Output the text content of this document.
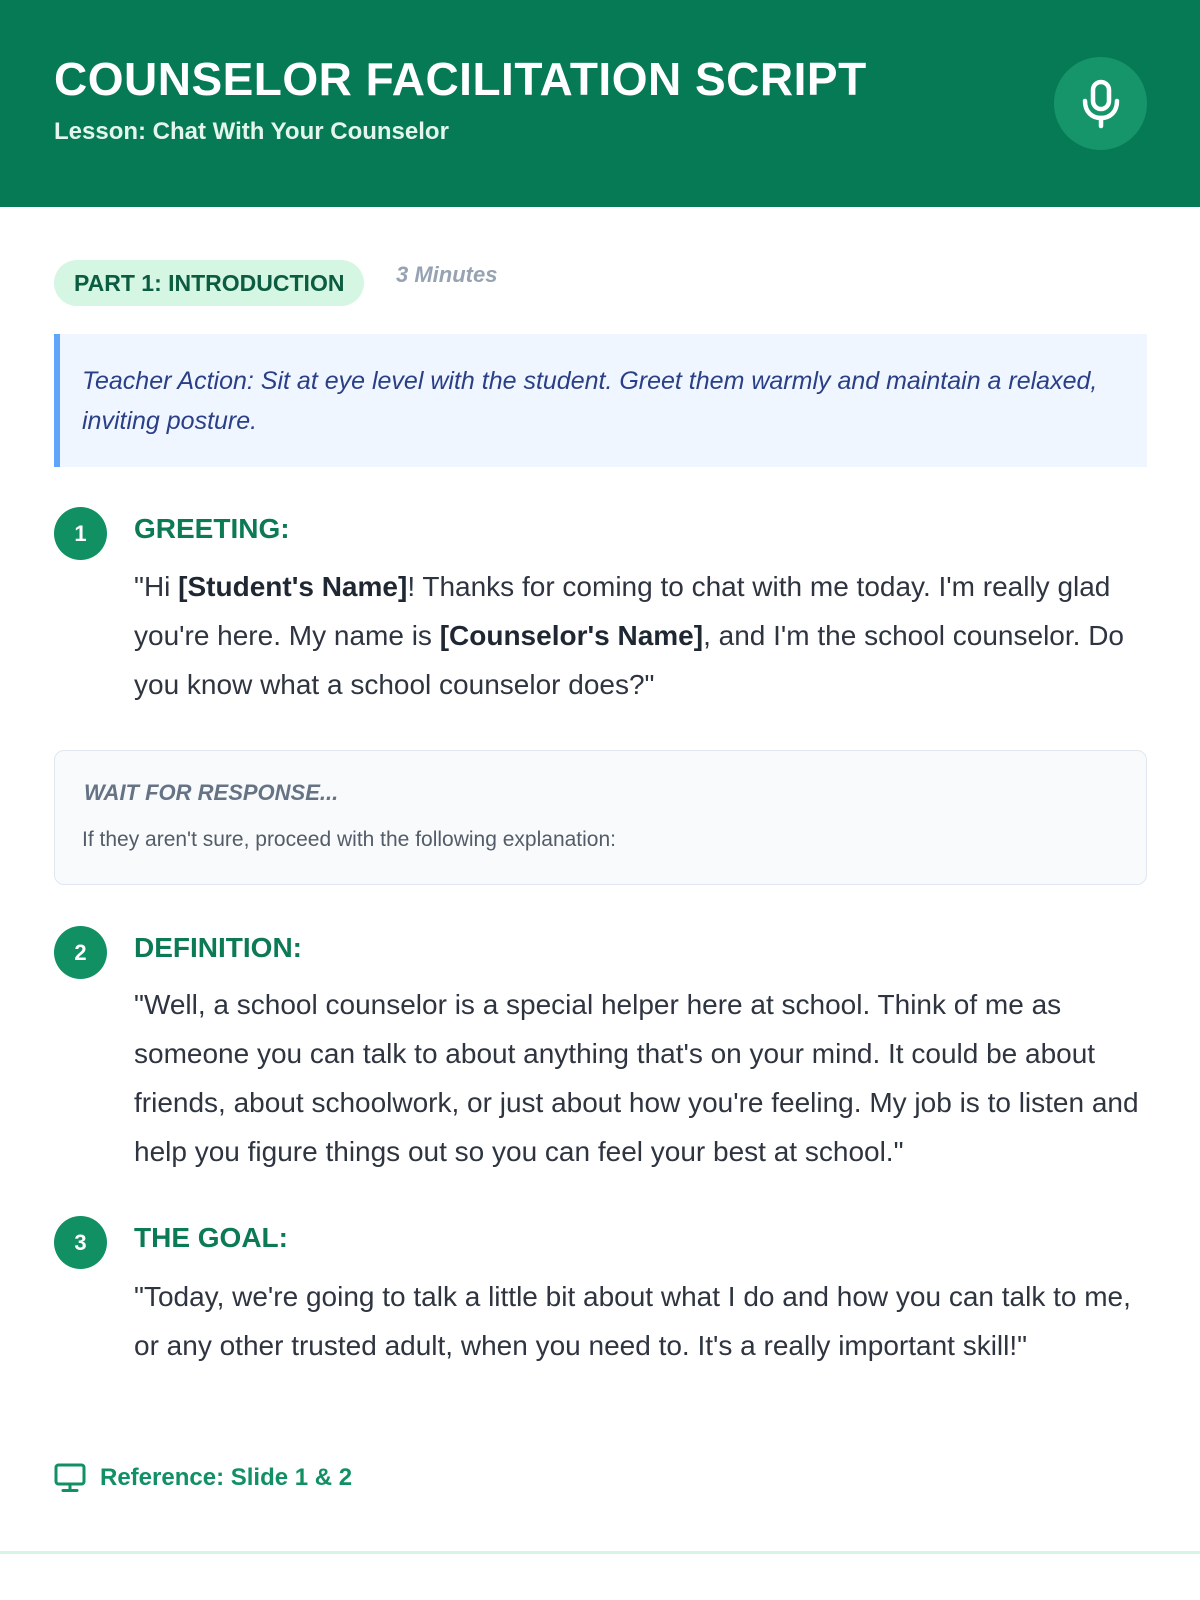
COUNSELOR FACILITATION SCRIPT
Lesson: Chat With Your Counselor
PART 1: INTRODUCTION	3 Minutes
Teacher Action: Sit at eye level with the student. Greet them warmly and maintain a relaxed, inviting posture.
1	GREETING:
"Hi [Student's Name]! Thanks for coming to chat with me today. I'm really glad you're here. My name is [Counselor's Name], and I'm the school counselor. Do you know what a school counselor does?"
WAIT FOR RESPONSE...
If they aren't sure, proceed with the following explanation:
2	DEFINITION:
"Well, a school counselor is a special helper here at school. Think of me as someone you can talk to about anything that's on your mind. It could be about friends, about schoolwork, or just about how you're feeling. My job is to listen and help you figure things out so you can feel your best at school."
3	THE GOAL:
"Today, we're going to talk a little bit about what I do and how you can talk to me, or any other trusted adult, when you need to. It's a really important skill!"
Reference: Slide 1 & 2
